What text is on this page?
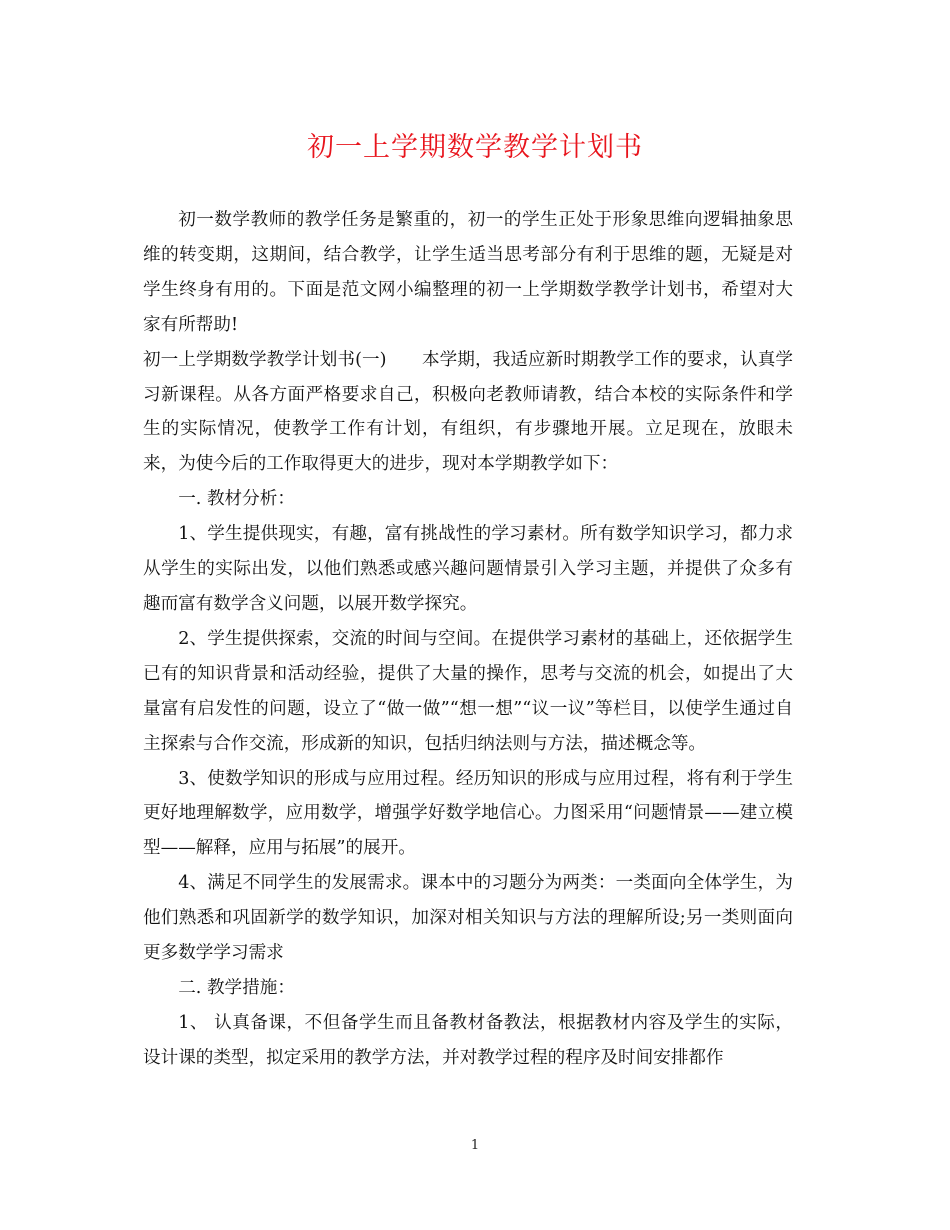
初一上学期数学教学计划书

初一数学教师的教学任务是繁重的，初一的学生正处于形象思维向逻辑抽象思维的转变期，这期间，结合教学，让学生适当思考部分有利于思维的题，无疑是对学生终身有用的。下面是范文网小编整理的初一上学期数学教学计划书，希望对大家有所帮助!

初一上学期数学教学计划书(一)　　本学期，我适应新时期教学工作的要求，认真学习新课程。从各方面严格要求自己，积极向老教师请教，结合本校的实际条件和学生的实际情况，使教学工作有计划，有组织，有步骤地开展。立足现在，放眼未来，为使今后的工作取得更大的进步，现对本学期教学如下：

一. 教材分析：

1、学生提供现实，有趣，富有挑战性的学习素材。所有数学知识学习，都力求从学生的实际出发，以他们熟悉或感兴趣问题情景引入学习主题，并提供了众多有趣而富有数学含义问题，以展开数学探究。

2、学生提供探索，交流的时间与空间。在提供学习素材的基础上，还依据学生已有的知识背景和活动经验，提供了大量的操作，思考与交流的机会，如提出了大量富有启发性的问题，设立了“做一做”“想一想”“议一议”等栏目，以使学生通过自主探索与合作交流，形成新的知识，包括归纳法则与方法，描述概念等。

3、使数学知识的形成与应用过程。经历知识的形成与应用过程，将有利于学生更好地理解数学，应用数学，增强学好数学地信心。力图采用“问题情景——建立模型——解释，应用与拓展”的展开。

4、满足不同学生的发展需求。课本中的习题分为两类：一类面向全体学生，为他们熟悉和巩固新学的数学知识，加深对相关知识与方法的理解所设;另一类则面向更多数学学习需求

二. 教学措施：

1、 认真备课，不但备学生而且备教材备教法，根据教材内容及学生的实际，设计课的类型，拟定采用的教学方法，并对教学过程的程序及时间安排都作

1
